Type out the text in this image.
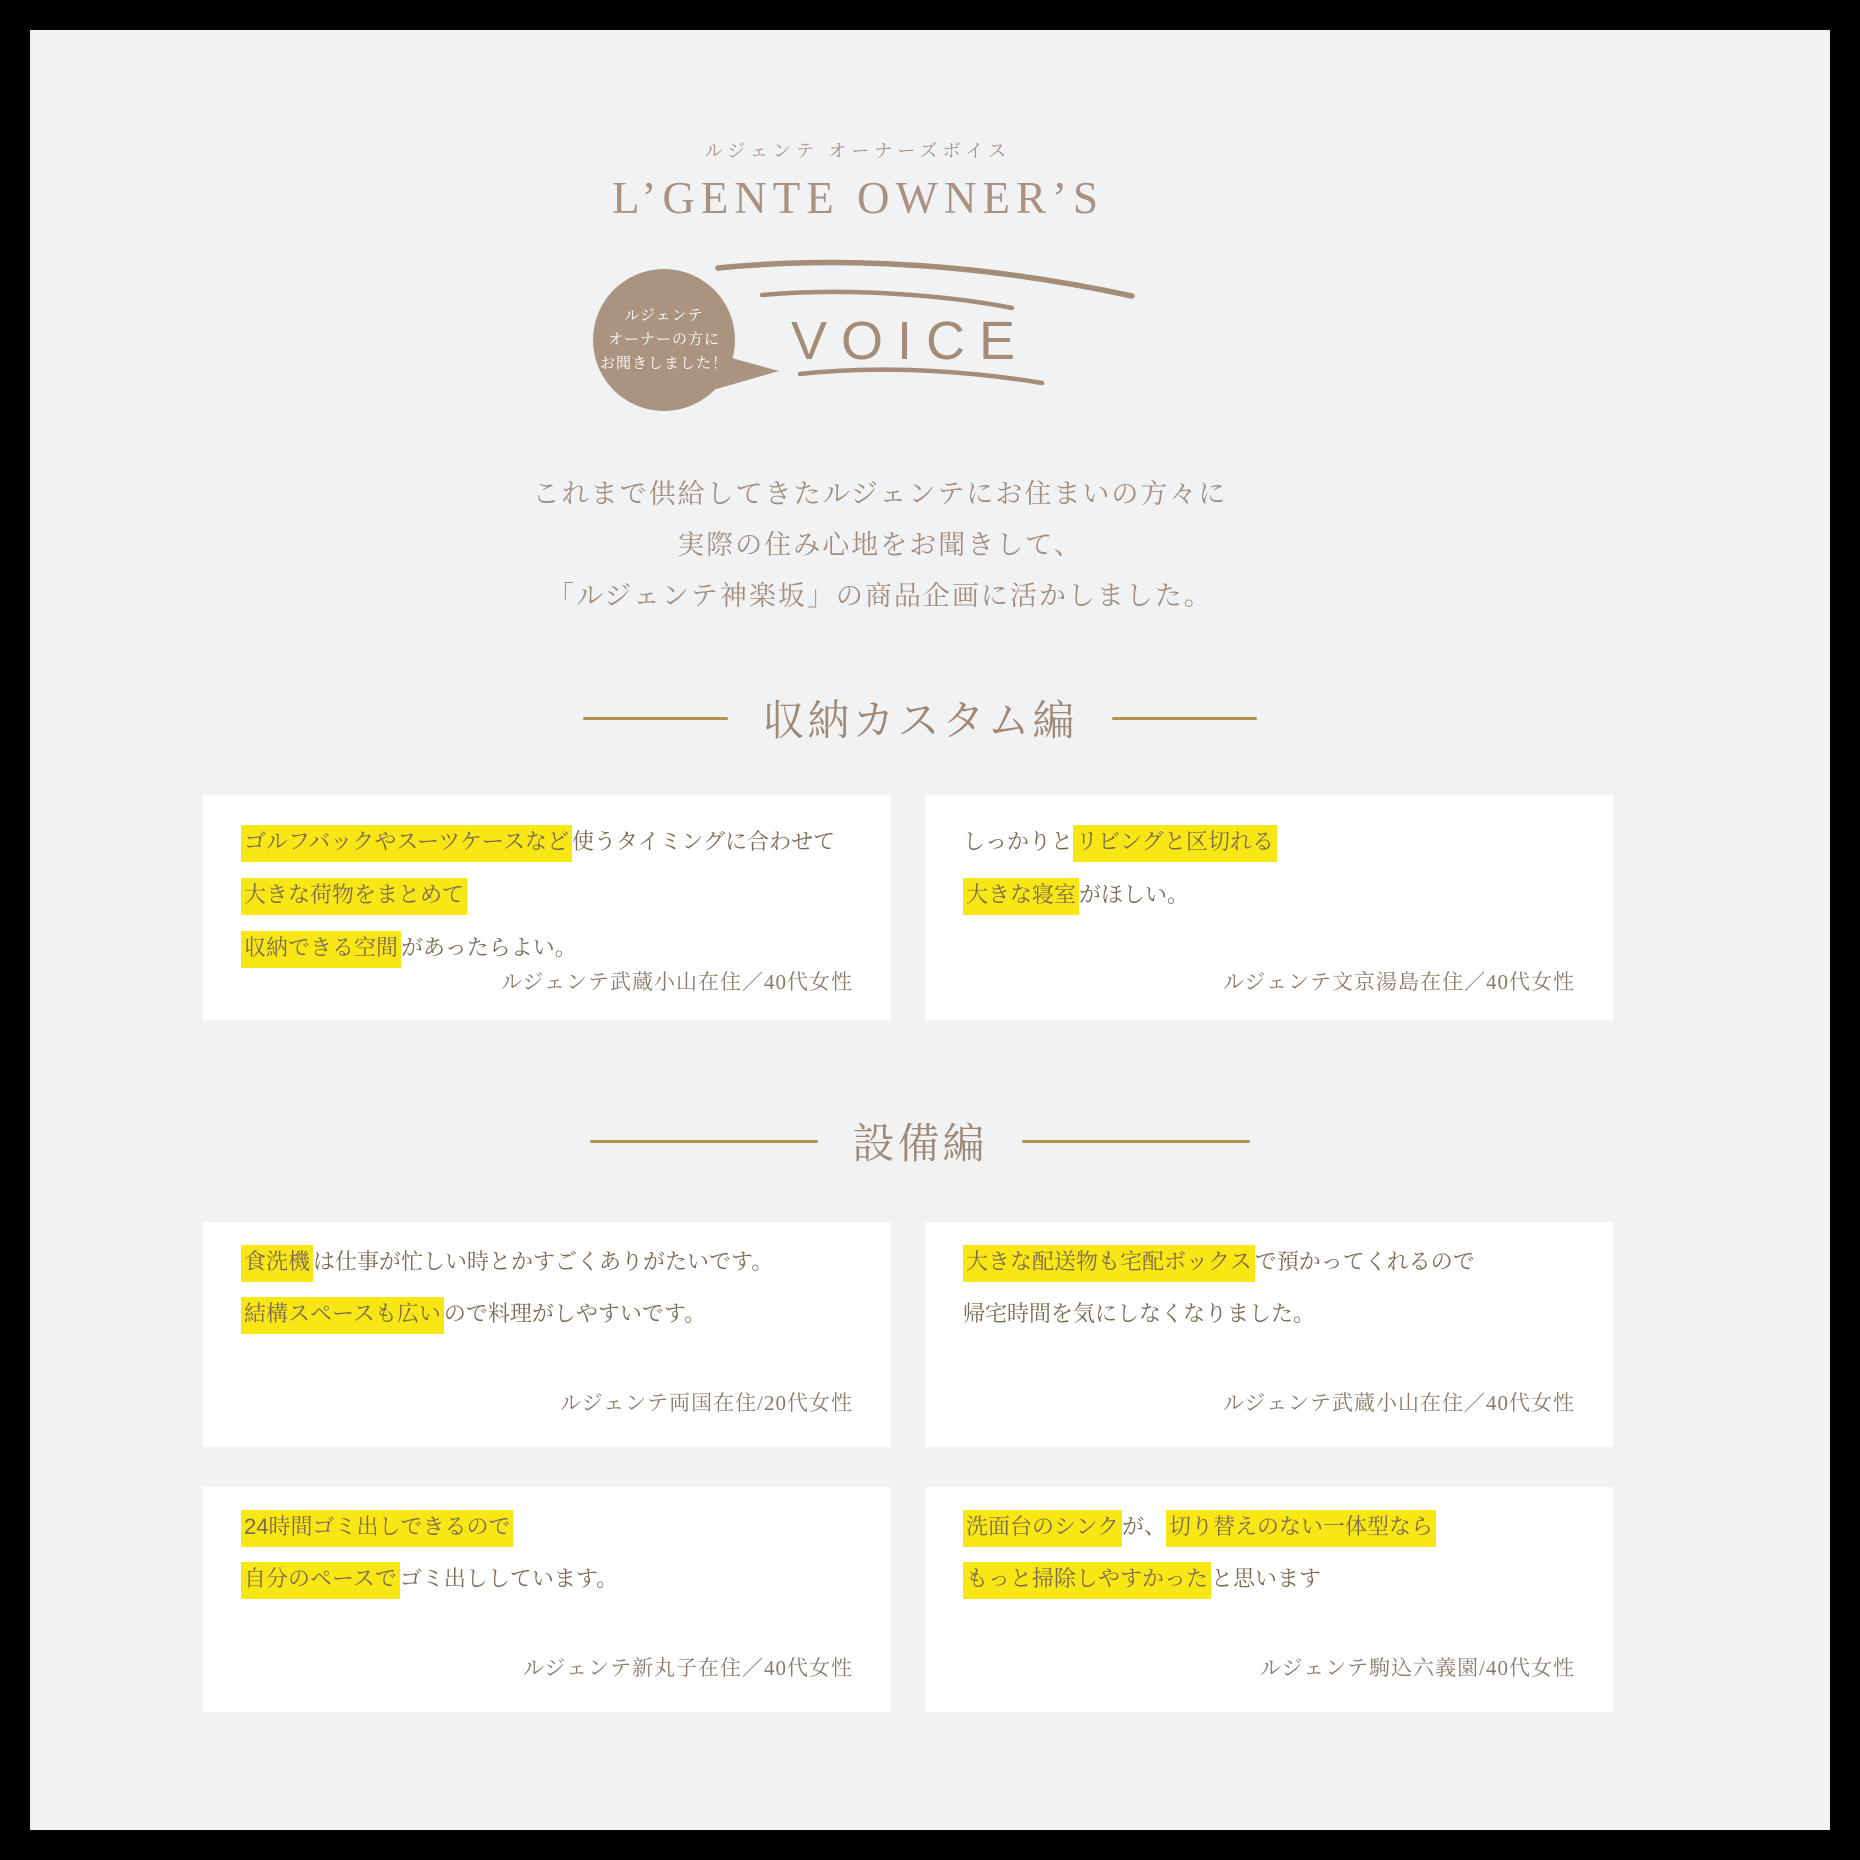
ルジェンテ オーナーズボイス
L’GENTE OWNER’S
ルジェンテ
オーナーの方に
お聞きしました！ VOICE
これまで供給してきたルジェンテにお住まいの方々に
実際の住み心地をお聞きして、
「ルジェンテ神楽坂」の商品企画に活かしました。
収納カスタム編
ゴルフバックやスーツケースなど 使うタイミングに合わせて
大きな荷物をまとめて
収納できる空間 があったらよい。
ルジェンテ武蔵小山在住／40代女性
しっかりと リビングと区切れる
大きな寝室 がほしい。
ルジェンテ文京湯島在住／40代女性
設備編
食洗機 は仕事が忙しい時とかすごくありがたいです。
結構スペースも広い ので料理がしやすいです。
ルジェンテ両国在住/20代女性
大きな配送物も宅配ボックス で預かってくれるので
帰宅時間を気にしなくなりました。
ルジェンテ武蔵小山在住／40代女性
24時間ゴミ出しできるので
自分のペースで ゴミ出ししています。
ルジェンテ新丸子在住／40代女性
洗面台のシンク が、 切り替えのない一体型なら
もっと掃除しやすかった と思います
ルジェンテ駒込六義園/40代女性
